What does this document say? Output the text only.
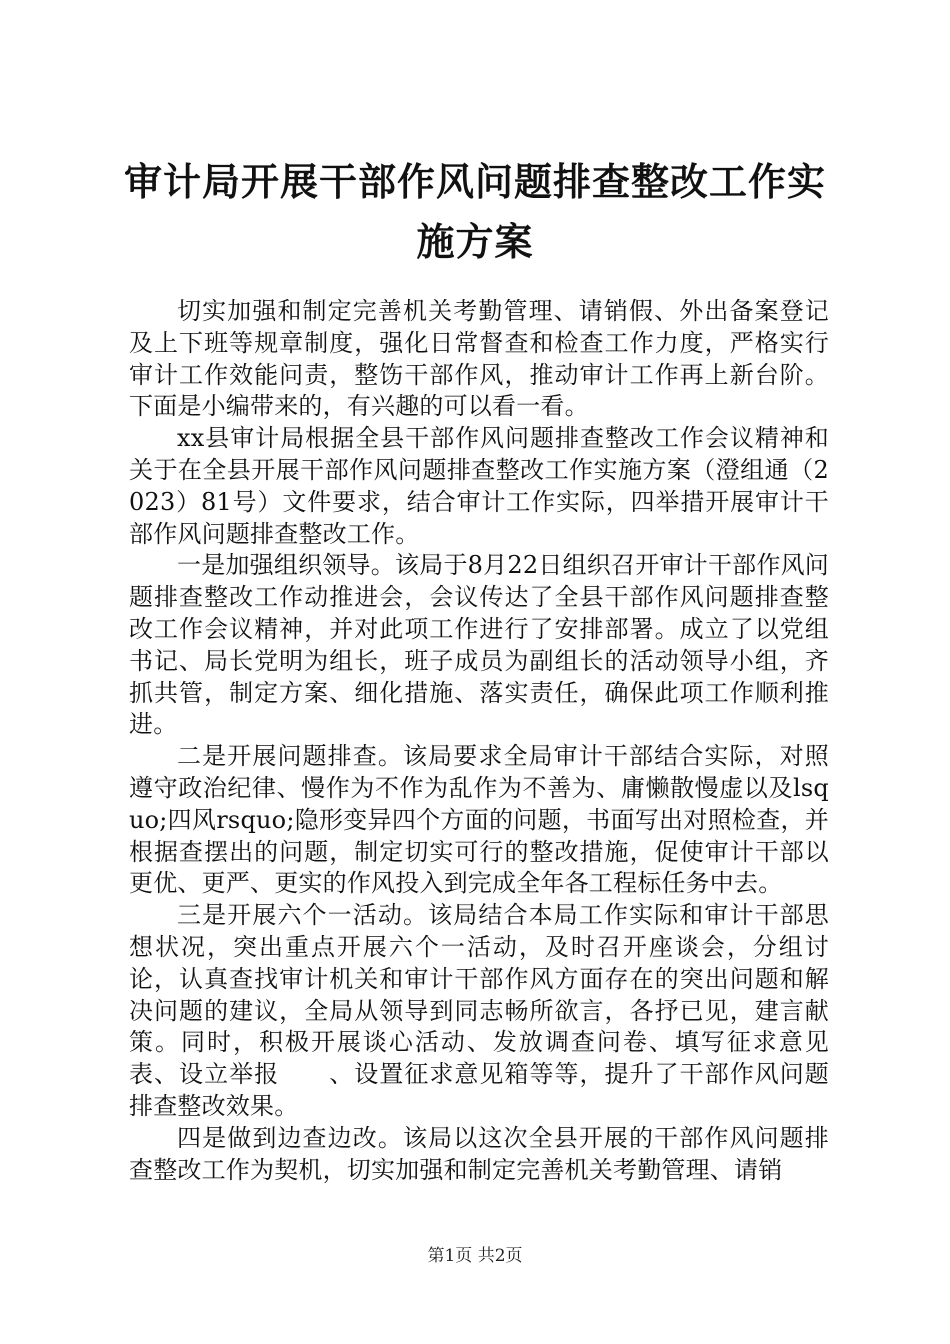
审计局开展干部作风问题排查整改工作实施方案

切实加强和制定完善机关考勤管理、请销假、外出备案登记及上下班等规章制度，强化日常督查和检查工作力度，严格实行审计工作效能问责，整饬干部作风，推动审计工作再上新台阶。下面是小编带来的，有兴趣的可以看一看。

xx县审计局根据全县干部作风问题排查整改工作会议精神和关于在全县开展干部作风问题排查整改工作实施方案（澄组通（2023）81号）文件要求，结合审计工作实际，四举措开展审计干部作风问题排查整改工作。

一是加强组织领导。该局于8月22日组织召开审计干部作风问题排查整改工作动推进会，会议传达了全县干部作风问题排查整改工作会议精神，并对此项工作进行了安排部署。成立了以党组书记、局长党明为组长，班子成员为副组长的活动领导小组，齐抓共管，制定方案、细化措施、落实责任，确保此项工作顺利推进。

二是开展问题排查。该局要求全局审计干部结合实际，对照遵守政治纪律、慢作为不作为乱作为不善为、庸懒散慢虚以及lsquo;四风rsquo;隐形变异四个方面的问题，书面写出对照检查，并根据查摆出的问题，制定切实可行的整改措施，促使审计干部以更优、更严、更实的作风投入到完成全年各工程标任务中去。

三是开展六个一活动。该局结合本局工作实际和审计干部思想状况，突出重点开展六个一活动，及时召开座谈会，分组讨论，认真查找审计机关和审计干部作风方面存在的突出问题和解决问题的建议，全局从领导到同志畅所欲言，各抒已见，建言献策。同时，积极开展谈心活动、发放调查问卷、填写征求意见表、设立举报　　、设置征求意见箱等等，提升了干部作风问题排查整改效果。

四是做到边查边改。该局以这次全县开展的干部作风问题排查整改工作为契机，切实加强和制定完善机关考勤管理、请销

第1页 共2页
